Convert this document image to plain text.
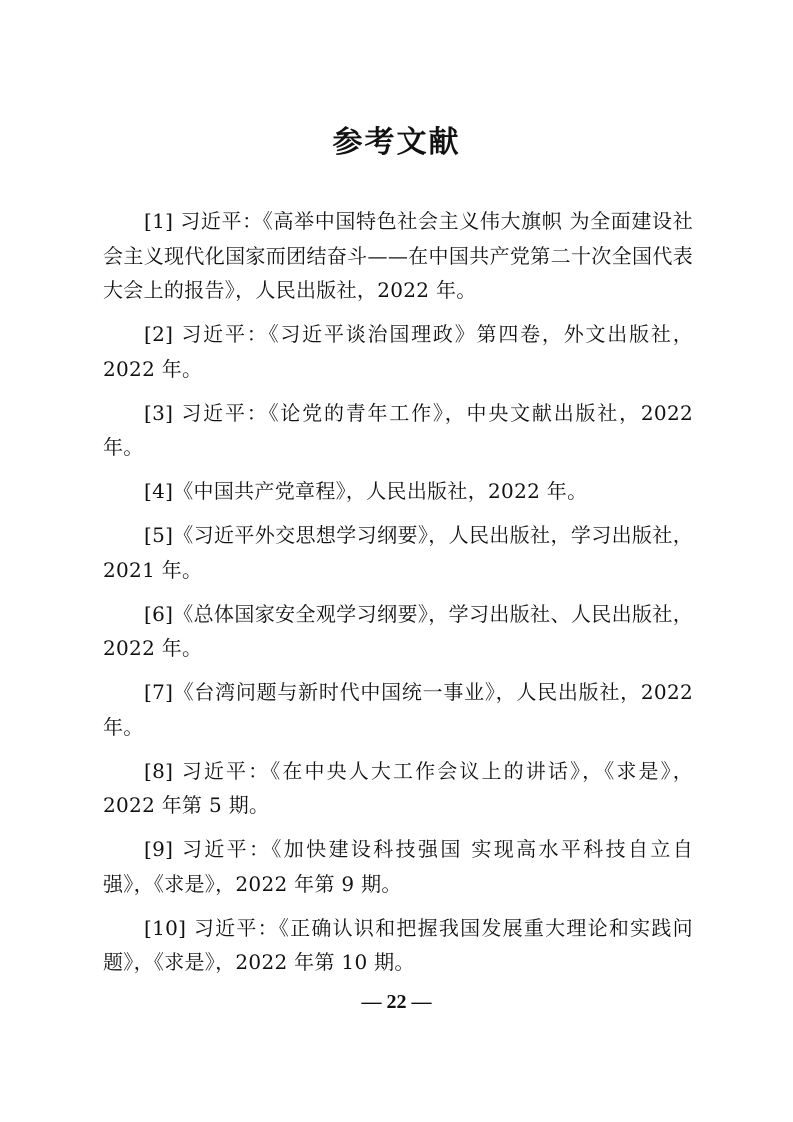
参考文献
[1] 习近平：《高举中国特色社会主义伟大旗帜 为全面建设社会主义现代化国家而团结奋斗——在中国共产党第二十次全国代表大会上的报告》，人民出版社，2022 年。
[2] 习近平：《习近平谈治国理政》第四卷，外文出版社，2022 年。
[3] 习近平：《论党的青年工作》，中央文献出版社，2022 年。
[4]《中国共产党章程》，人民出版社，2022 年。
[5]《习近平外交思想学习纲要》，人民出版社，学习出版社，2021 年。
[6]《总体国家安全观学习纲要》，学习出版社、人民出版社，2022 年。
[7]《台湾问题与新时代中国统一事业》，人民出版社，2022 年。
[8] 习近平：《在中央人大工作会议上的讲话》，《求是》，2022 年第 5 期。
[9] 习近平：《加快建设科技强国 实现高水平科技自立自强》，《求是》，2022 年第 9 期。
[10] 习近平：《正确认识和把握我国发展重大理论和实践问题》，《求是》，2022 年第 10 期。
— 22 —
